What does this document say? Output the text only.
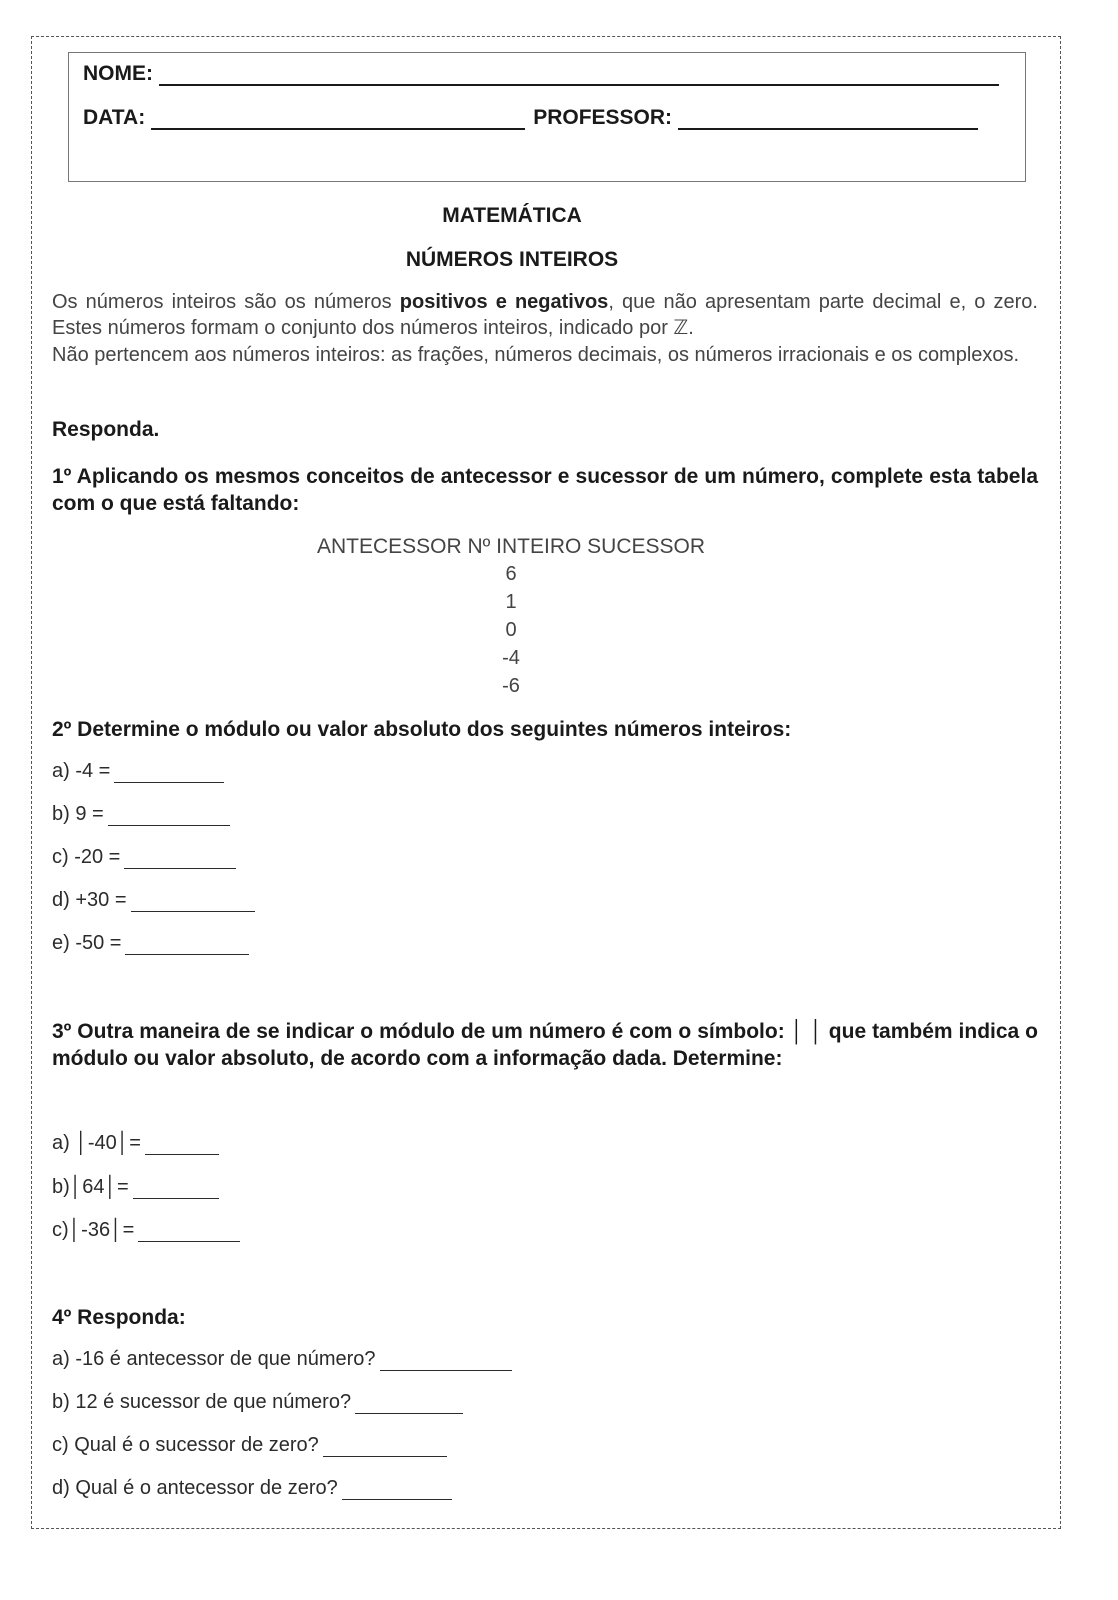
NOME:
DATA:	PROFESSOR:
MATEMÁTICA
NÚMEROS INTEIROS
Os números inteiros são os números positivos e negativos, que não apresentam parte decimal e, o zero. Estes números formam o conjunto dos números inteiros, indicado por ℤ.
Não pertencem aos números inteiros: as frações, números decimais, os números irracionais e os complexos.
Responda.
1º Aplicando os mesmos conceitos de antecessor e sucessor de um número, complete esta tabela com o que está faltando:
ANTECESSOR Nº INTEIRO SUCESSOR
6
1
0
-4
-6
2º Determine o módulo ou valor absoluto dos seguintes números inteiros:
a) -4 =
b) 9 =
c) -20 =
d) +30 =
e) -50 =
3º Outra maneira de se indicar o módulo de um número é com o símbolo: │ │ que também indica o módulo ou valor absoluto, de acordo com a informação dada. Determine:
a) │-40│=
b)│64│=
c)│-36│=
4º Responda:
a) -16 é antecessor de que número?
b) 12 é sucessor de que número?
c) Qual é o sucessor de zero?
d) Qual é o antecessor de zero?
